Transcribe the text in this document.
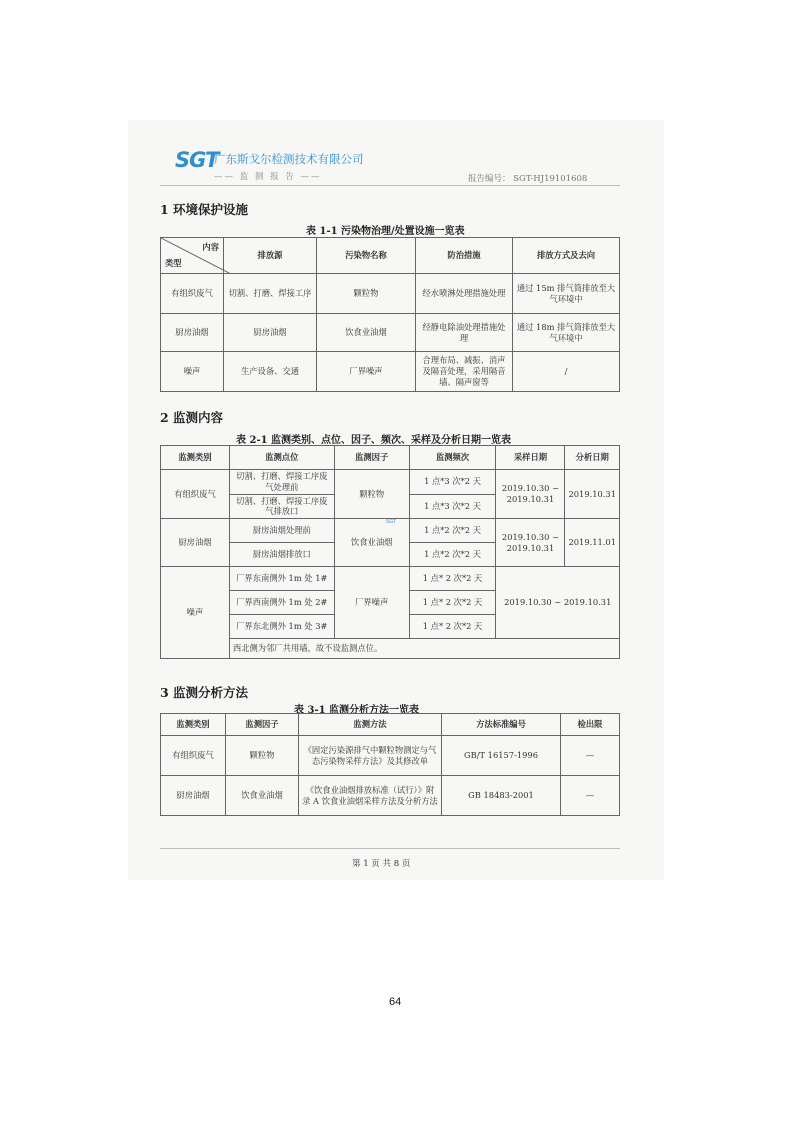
SGT
广东斯戈尔检测技术有限公司
—— 监 测 报 告 ——	报告编号： SGT-HJ19101608
1 环境保护设施
表 1-1 污染物治理/处置设施一览表
内容
类型	排放源	污染物名称	防治措施	排放方式及去向
有组织废气	切割、打磨、焊接工序	颗粒物	经水喷淋处理措施处理	通过 15m 排气筒排放至大气环境中
厨房油烟	厨房油烟	饮食业油烟	经静电除油处理措施处理	通过 18m 排气筒排放至大气环境中
噪声	生产设备、交通	厂界噪声	合理布局、减振、消声及隔音处理，采用隔音墙、隔声窗等	/
2 监测内容
表 2-1 监测类别、点位、因子、频次、采样及分析日期一览表
监测类别	监测点位	监测因子	监测频次	采样日期	分析日期
有组织废气	切割、打磨、焊接工序废气处理前	颗粒物	1 点*3 次*2 天	2019.10.30 ~ 2019.10.31	2019.10.31
	切割、打磨、焊接工序废气排放口		1 点*3 次*2 天		
厨房油烟	厨房油烟处理前	饮食业油烟	1 点*2 次*2 天	2019.10.30 ~ 2019.10.31	2019.11.01
	厨房油烟排放口		1 点*2 次*2 天		
噪声	厂界东南侧外 1m 处 1#	厂界噪声	1 点* 2 次*2 天	2019.10.30 ~ 2019.10.31	
	厂界西南侧外 1m 处 2#		1 点* 2 次*2 天		
	厂界东北侧外 1m 处 3#		1 点* 2 次*2 天		
	西北侧为邻厂共用墙，故不设监测点位。				
SGT
3 监测分析方法
表 3-1 监测分析方法一览表
监测类别	监测因子	监测方法	方法标准编号	检出限
有组织废气	颗粒物	《固定污染源排气中颗粒物测定与气态污染物采样方法》及其修改单	GB/T 16157-1996	—
厨房油烟	饮食业油烟	《饮食业油烟排放标准（试行）》附录 A 饮食业油烟采样方法及分析方法	GB 18483-2001	—
第 1 页 共 8 页
64
